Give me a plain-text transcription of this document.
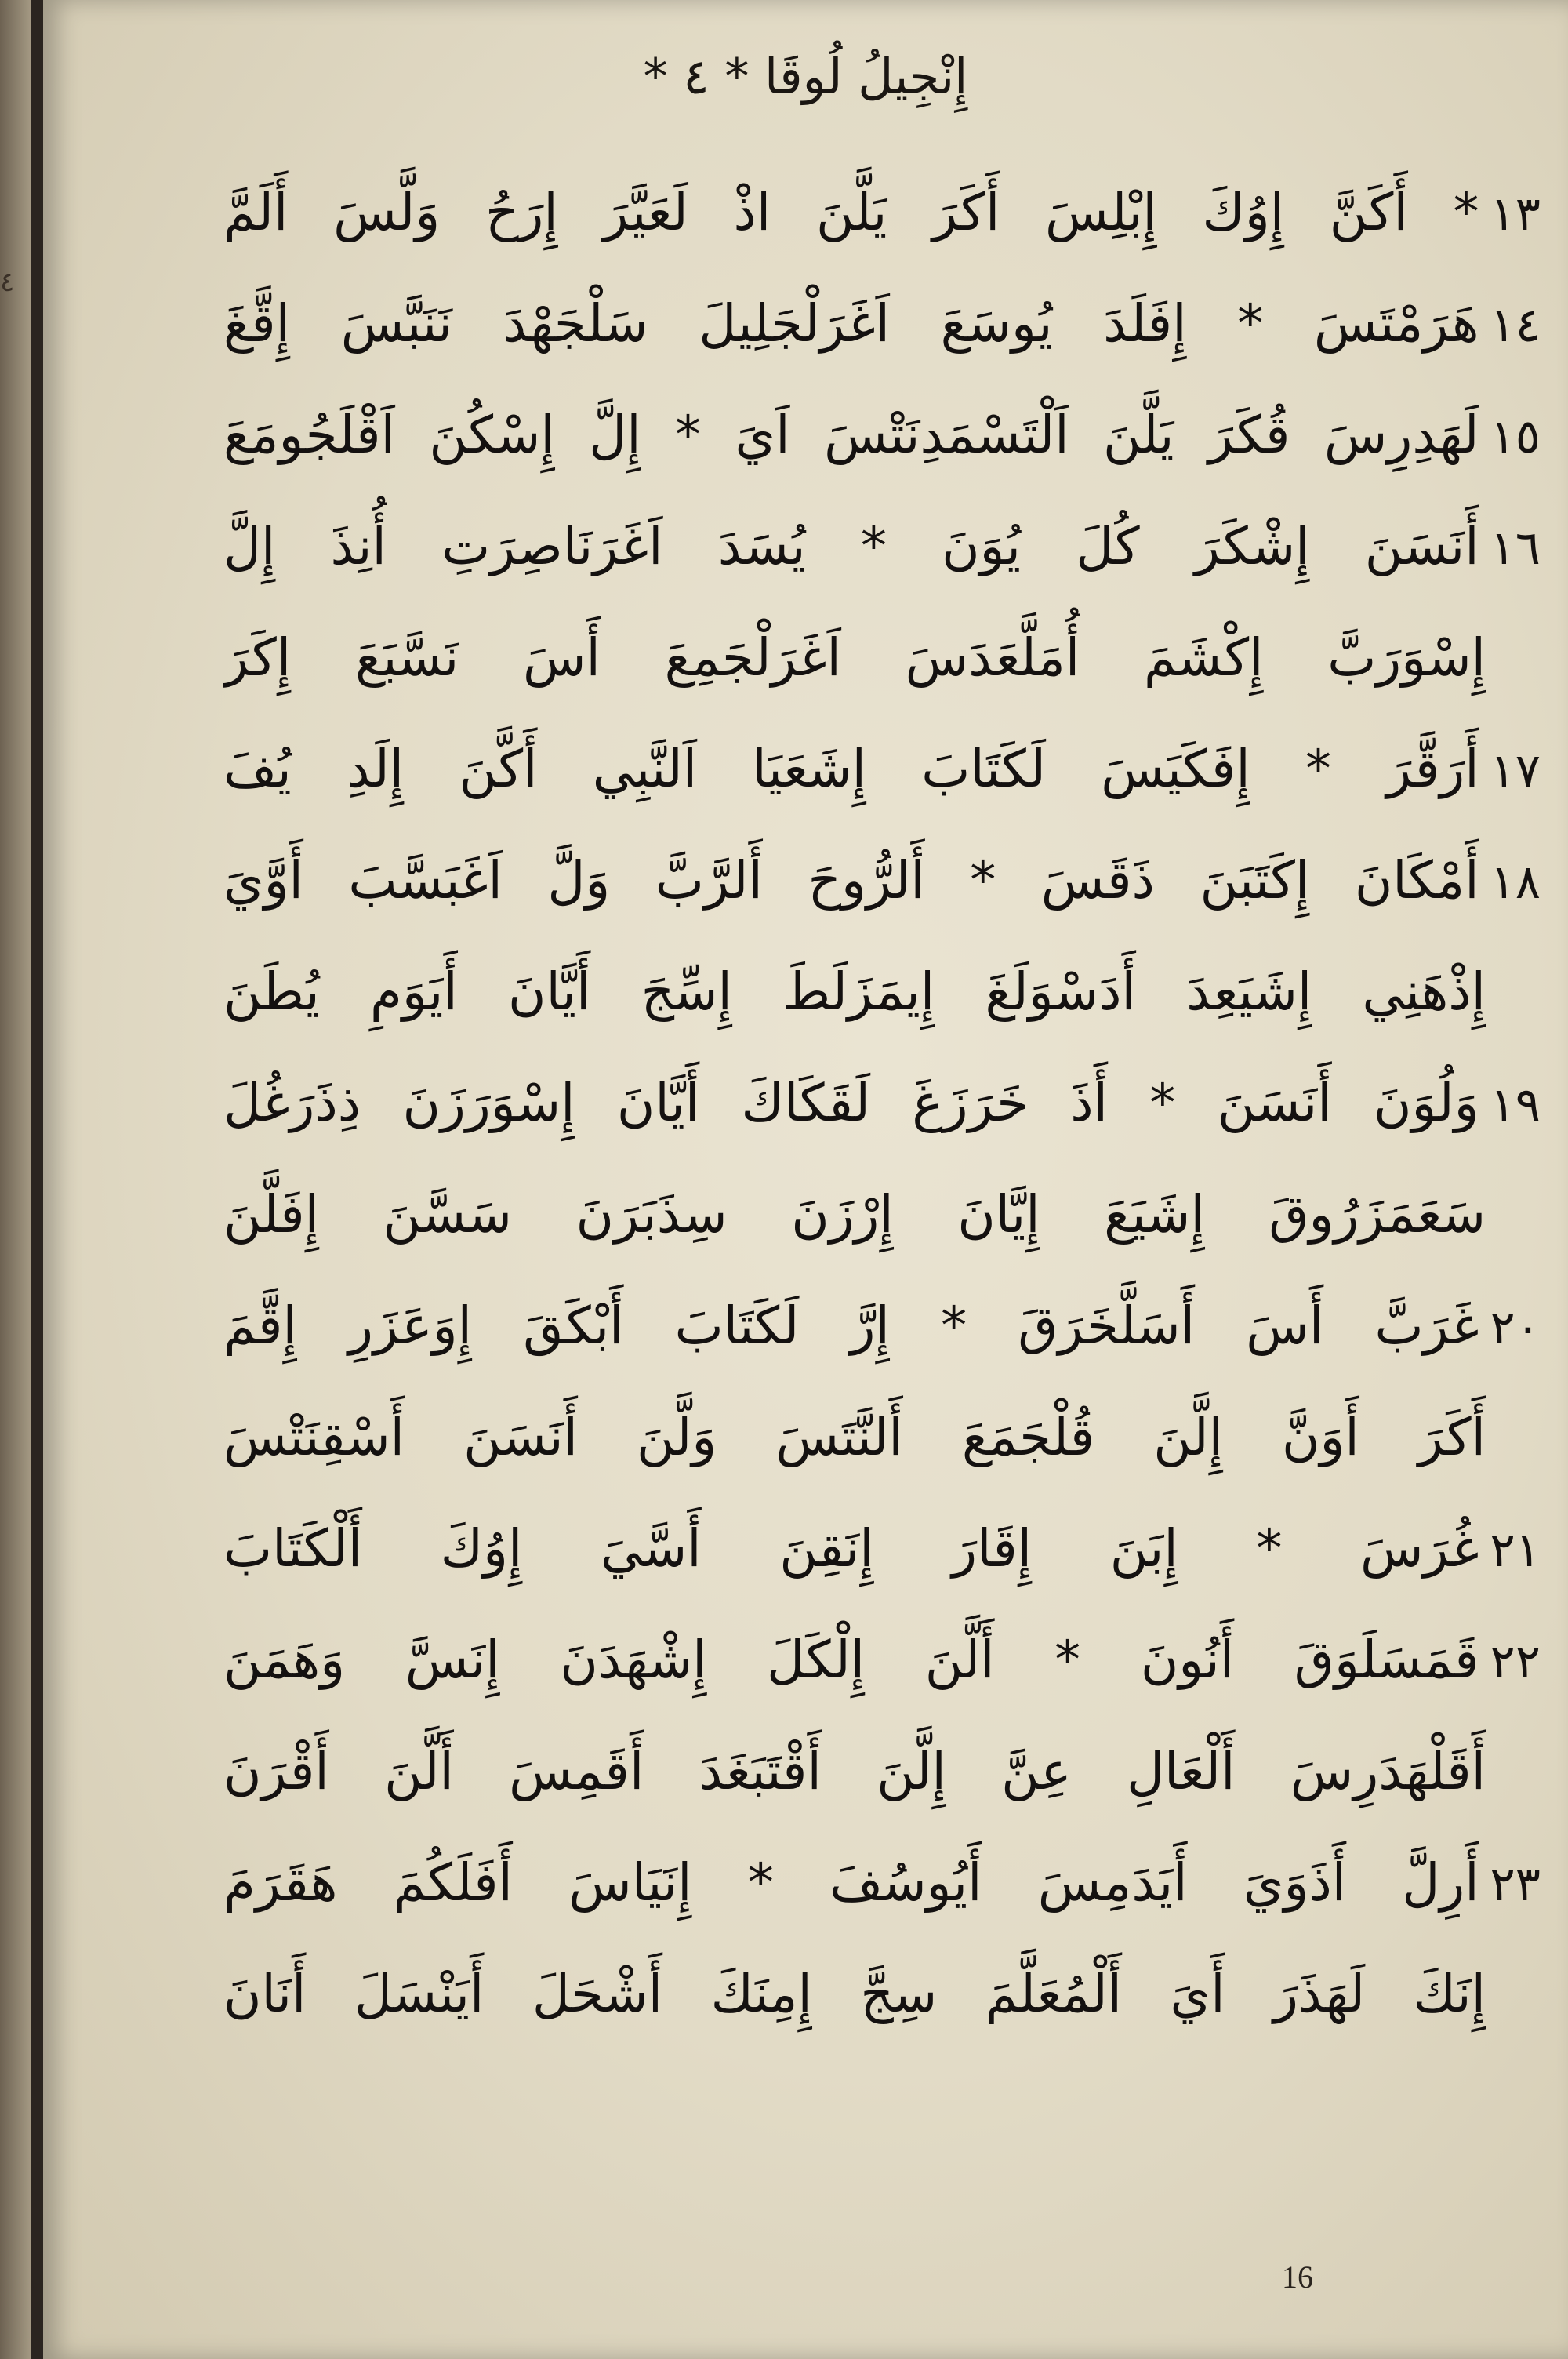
إِنْجِيلُ لُوقَا * ٤ *
١٣* أَكَنَّ إِوُكَ إِبْلِسَ أَكَرَ يَلَّنَ اذْ لَعَيَّرَ إِرَحُ وَلَّسَ أَلَمَّ
١٤هَرَمْتَسَ * إِفَلَدَ يُوسَعَ اَغَرَلْجَلِيلَ سَلْجَهْدَ نَنَبَّسَ إِقَّغَ
١٥لَهَدِرِسَ قُكَرَ يَلَّنَ اَلْتَسْمَدِنَتْسَ اَيَ * إِلَّ إِسْكُنَ اَقْلَجُومَعَ
١٦أَنَسَنَ إِشْكَرَ كُلَ يُوَنَ * يُسَدَ اَغَرَنَاصِرَتِ أُنِذَ إِلَّ
إِسْوَرَبَّ إِكْشَمَ أُمَلَّعَدَسَ اَغَرَلْجَمِعَ أَسَ نَسَّبَعَ إِكَرَ
١٧أَرَقَّرَ * إِفَكَيَسَ لَكَتَابَ إِشَعَيَا اَلنَّبِي أَكَّنَ إِلَدِ يُفَ
١٨أَمْكَانَ إِكَتَبَنَ ذَقَسَ * أَلرُّوحَ أَلرَّبَّ وَلَّ اَغَبَسَّبَ أَوَّيَ
إِذْهَنِي إِشَيَعِدَ أَدَسْوَلَغَ إِيمَزَلَطَ إِسِّجَ أَيَّانَ أَيَوَمِ يُطَنَ
١٩وَلُوَنَ أَنَسَنَ * أَذَ خَرَزَغَ لَقَكَاكَ أَيَّانَ إِسْوَرَزَنَ ذِذَرَغُلَ
سَعَمَزَرُوقَ إِشَيَعَ إِيَّانَ إِرْزَنَ سِذَبَرَنَ سَسَّنَ إِفَلَّنَ
٢٠غَرَبَّ أَسَ أَسَلَّخَرَقَ * إِرَّ لَكَتَابَ أَبْكَقَ إِوَعَزَرِ إِقَّمَ
أَكَرَ أَوَنَّ إِلَّنَ قُلْجَمَعَ أَلنَّتَسَ وَلَّنَ أَنَسَنَ أَسْقِنَتْسَ
٢١غُرَسَ * إِبَنَ إِقَارَ إِنَقِنَ أَسَّيَ إِوُكَ أَلْكَتَابَ
٢٢قَمَسَلَوَقَ أَنُونَ * أَلَّنَ إِلْكَلَ إِشْهَدَنَ إِنَسَّ وَهَمَنَ
أَقَلْهَدَرِسَ أَلْعَالِ عِنَّ إِلَّنَ أَقْتَبَغَدَ أَقَمِسَ أَلَّنَ أَقْرَنَ
٢٣أَرِلَّ أَذَوَيَ أَيَدَمِسَ أَيُوسُفَ * إِنَيَاسَ أَفَلَكُمَ هَقَرَمَ
إِنَكَ لَهَذَرَ أَيَ أَلْمُعَلَّمَ سِجَّ إِمِنَكَ أَشْحَلَ أَيَنْسَلَ أَنَانَ
16
٤
